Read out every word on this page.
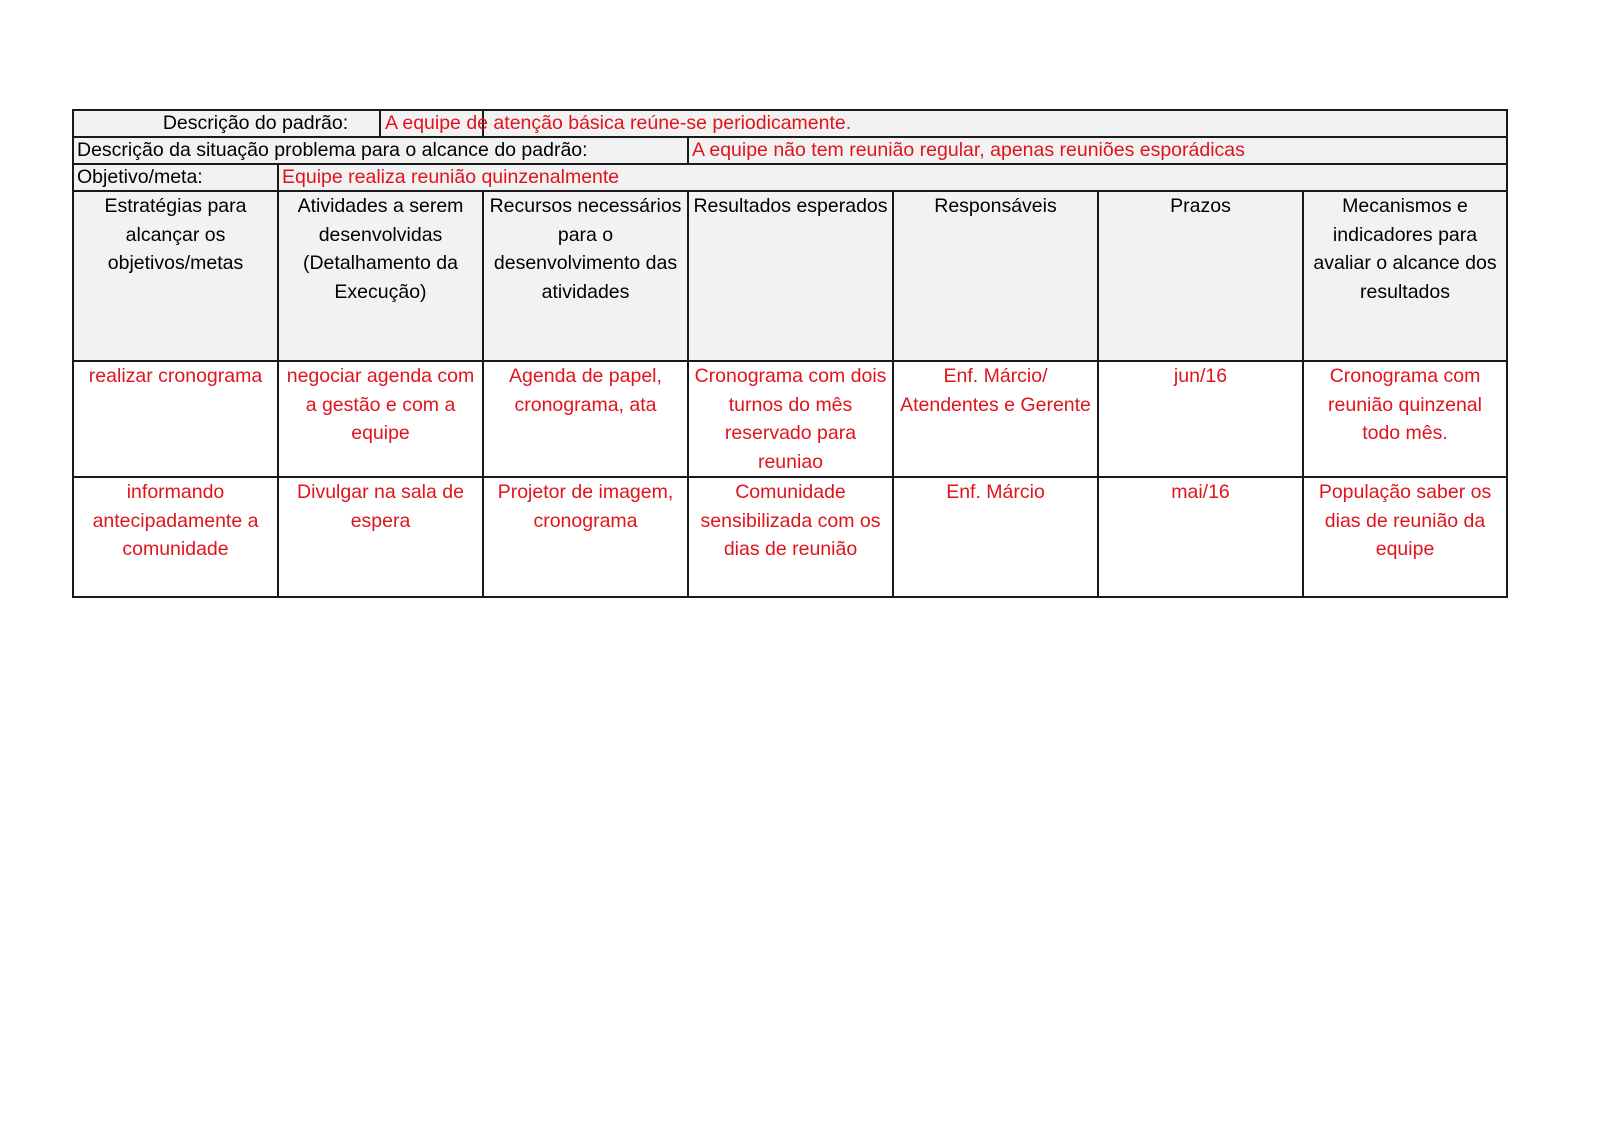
	Descrição do padrão: A equipe de atenção básica reúne-se periodicamente.					

Descrição da situação problema para o alcance do padrão:			A equipe não tem reunião regular, apenas reuniões esporádicas			
Objetivo/meta:	Equipe realiza reunião quinzenalmente					
Estratégias para alcançar os objetivos/metas	Atividades a serem desenvolvidas (Detalhamento da Execução)	Recursos necessários para o desenvolvimento das atividades	Resultados esperados	Responsáveis	Prazos	Mecanismos e indicadores para avaliar o alcance dos resultados
realizar cronograma	negociar agenda com a gestão e com a equipe	Agenda de papel, cronograma, ata	Cronograma com dois turnos do mês reservado para reuniao	Enf. Márcio/ Atendentes e Gerente	jun/16	Cronograma com reunião quinzenal todo mês.
informando antecipadamente a comunidade	Divulgar na sala de espera	Projetor de imagem, cronograma	Comunidade sensibilizada com os dias de reunião	Enf. Márcio	mai/16	População saber os dias de reunião da equipe
